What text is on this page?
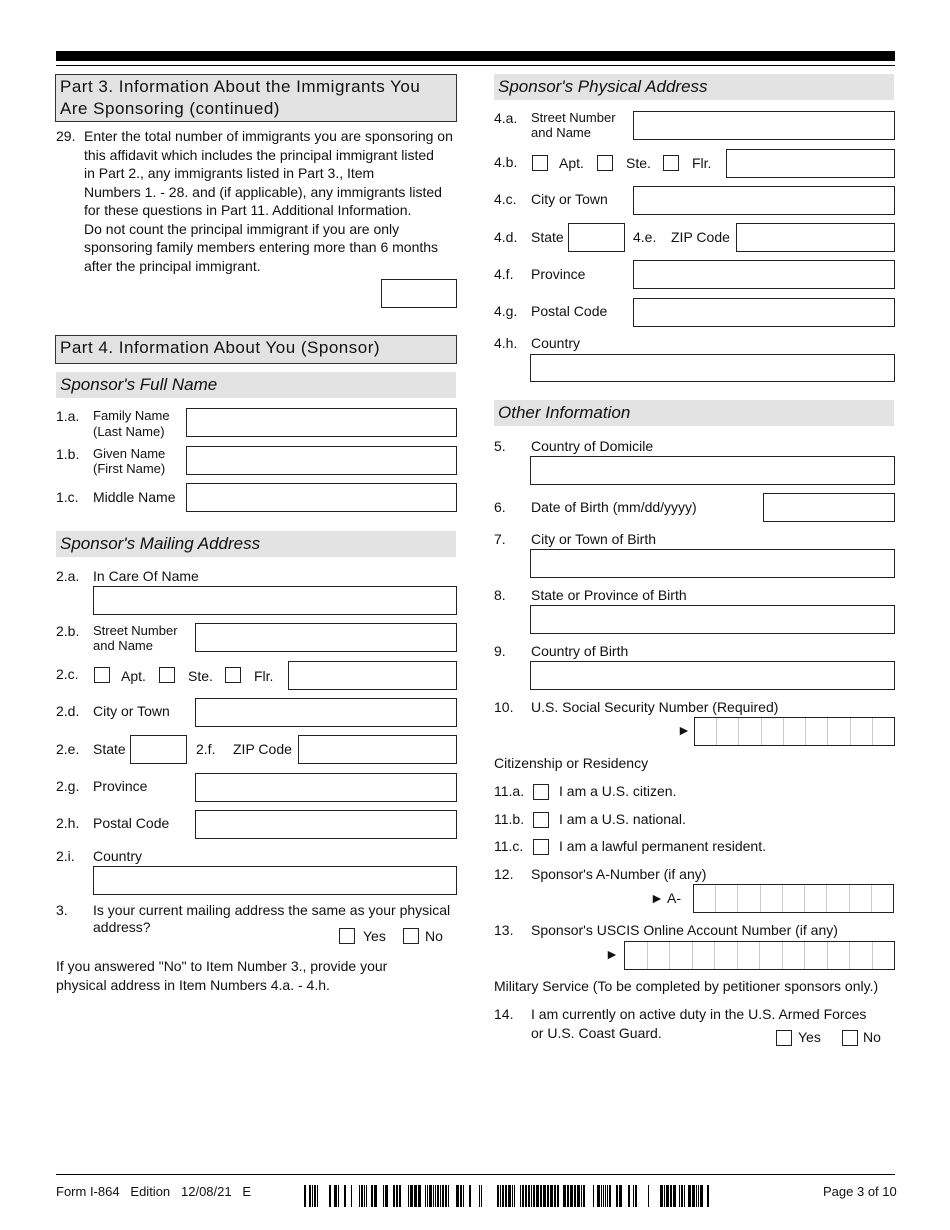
Part 3. Information About the Immigrants You Are Sponsoring (continued)
29. Enter the total number of immigrants you are sponsoring on
this affidavit which includes the principal immigrant listed
in Part 2., any immigrants listed in Part 3., Item
Numbers 1. - 28. and (if applicable), any immigrants listed
for these questions in Part 11. Additional Information.
Do not count the principal immigrant if you are only
sponsoring family members entering more than 6 months
after the principal immigrant.
Part 4. Information About You (Sponsor)
Sponsor's Full Name
1.a. Family Name
(Last Name)
1.b. Given Name
(First Name)
1.c. Middle Name
Sponsor's Mailing Address
2.a. In Care Of Name
2.b. Street Number
and Name
2.c.	Apt.	Ste.	Flr.
2.d. City or Town
2.e. State	2.f. ZIP Code
2.g. Province
2.h. Postal Code
2.i. Country
3. Is your current mailing address the same as your physical
address?
Yes	No
If you answered "No" to Item Number 3., provide your
physical address in Item Numbers 4.a. - 4.h.
Sponsor's Physical Address
4.a. Street Number
and Name
4.b.	Apt.	Ste.	Flr.
4.c. City or Town
4.d. State	4.e. ZIP Code
4.f. Province
4.g. Postal Code
4.h. Country
Other Information
5. Country of Domicile
6. Date of Birth (mm/dd/yyyy)
7. City or Town of Birth
8. State or Province of Birth
9. Country of Birth
10. U.S. Social Security Number (Required)
►
Citizenship or Residency
11.a. I am a U.S. citizen.
11.b. I am a U.S. national.
11.c.	I am a lawful permanent resident.
12. Sponsor's A-Number (if any)
► A-
13. Sponsor's USCIS Online Account Number (if any)
►
Military Service (To be completed by petitioner sponsors only.)
14. I am currently on active duty in the U.S. Armed Forces
or U.S. Coast Guard.	Yes	No
Form I-864   Edition   12/08/21   E	Page 3 of 10
